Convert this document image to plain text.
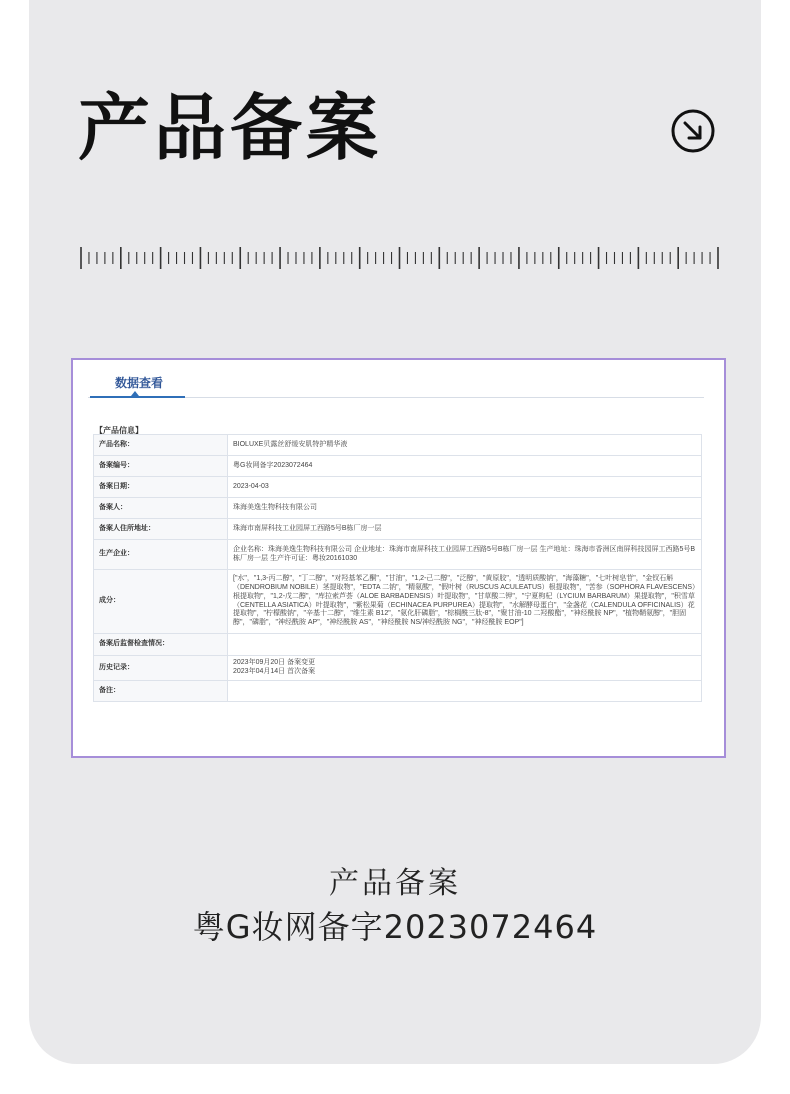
产品备案
数据查看
【产品信息】
产品名称：	BIOLUXE贝露丝舒缓安肌特护精华液
备案编号：	粤G妆网备字2023072464
备案日期：	2023-04-03
备案人：	珠海美逸生物科技有限公司
备案人住所地址：	珠海市南屏科技工业园屏工西路5号B栋厂房一层
生产企业：	企业名称：珠海美逸生物科技有限公司 企业地址：珠海市南屏科技工业园屏工西路5号B栋厂房一层 生产地址：珠海市香洲区南屏科技园屏工西路5号B栋厂房一层 生产许可证：粤妆20161030
成分：	["水"，"1,3-丙二醇"，"丁二醇"，"对羟基苯乙酮"，"甘油"，"1,2-己二醇"，"泛醇"，"黄原胶"，"透明质酸钠"，"海藻糖"，"七叶树皂苷"，"金钗石斛（DENDROBIUM NOBILE）茎提取物"，"EDTA 二钠"，"精氨酸"，"假叶树（RUSCUS ACULEATUS）根提取物"，"苦参（SOPHORA FLAVESCENS）根提取物"，"1,2-戊二醇"，"库拉索芦荟（ALOE BARBADENSIS）叶提取物"，"甘草酸二钾"，"宁夏枸杞（LYCIUM BARBARUM）果提取物"，"积雪草（CENTELLA ASIATICA）叶提取物"，"紫松果菊（ECHINACEA PURPUREA）提取物"，"水解酵母蛋白"，"金盏花（CALENDULA OFFICINALIS）花提取物"，"柠檬酸钠"，"辛基十二醇"，"维生素 B12"，"氨化肝磷脂"，"棕榈酰三肽-8"，"聚甘油-10 二羟酸酯"，"神经酰胺 NP"，"植物鞘氨醇"，"胆固醇"，"磷脂"，"神经酰胺 AP"，"神经酰胺 AS"，"神经酰胺 NS/神经酰胺 NG"，"神经酰胺 EOP"]
备案后监督检查情况：	
历史记录：	2023年09月20日 备案变更
2023年04月14日 首次备案
备注：	
产品备案
粤G妆网备字2023072464
